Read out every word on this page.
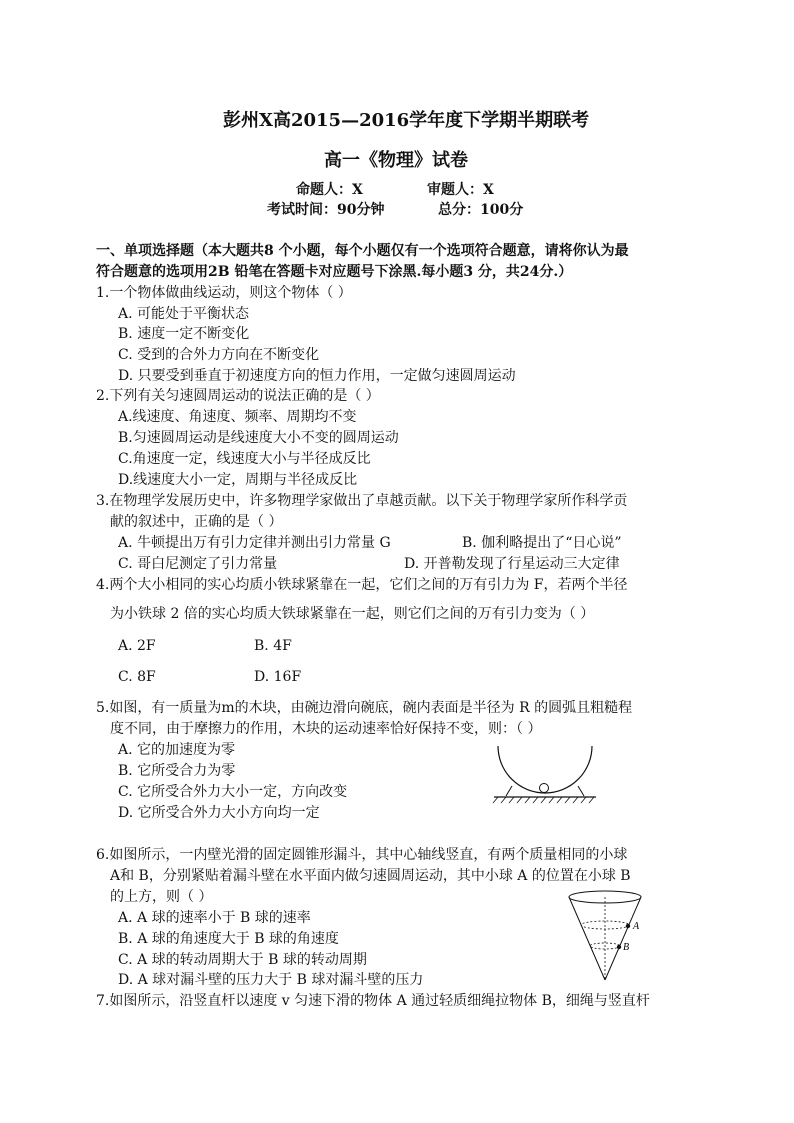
彭州X高2015—2016学年度下学期半期联考
高一《物理》试卷
命题人：X	审题人：X
考试时间：90分钟	总分：100分
一、单项选择题（本大题共8 个小题，每个小题仅有一个选项符合题意，请将你认为最
符合题意的选项用2B 铅笔在答题卡对应题号下涂黑.每小题3 分，共24分.）
1.一个物体做曲线运动，则这个物体（ ）
A. 可能处于平衡状态
B. 速度一定不断变化
C. 受到的合外力方向在不断变化
D. 只要受到垂直于初速度方向的恒力作用，一定做匀速圆周运动
2.下列有关匀速圆周运动的说法正确的是（ ）
A.线速度、角速度、频率、周期均不变
B.匀速圆周运动是线速度大小不变的圆周运动
C.角速度一定，线速度大小与半径成反比
D.线速度大小一定，周期与半径成反比
3.在物理学发展历史中，许多物理学家做出了卓越贡献。以下关于物理学家所作科学贡
献的叙述中，正确的是（ ）
A. 牛顿提出万有引力定律并测出引力常量 G	B. 伽利略提出了“日心说”
C. 哥白尼测定了引力常量	D. 开普勒发现了行星运动三大定律
4.两个大小相同的实心均质小铁球紧靠在一起，它们之间的万有引力为 F，若两个半径
为小铁球 2 倍的实心均质大铁球紧靠在一起，则它们之间的万有引力变为（ ）
A. 2F	B. 4F
C. 8F	D. 16F
5.如图，有一质量为m的木块，由碗边滑向碗底，碗内表面是半径为 R 的圆弧且粗糙程
度不同，由于摩擦力的作用，木块的运动速率恰好保持不变，则：（ ）
A. 它的加速度为零
B. 它所受合力为零
C. 它所受合外力大小一定，方向改变
D. 它所受合外力大小方向均一定
6.如图所示，一内壁光滑的固定圆锥形漏斗，其中心轴线竖直，有两个质量相同的小球
A和 B，分别紧贴着漏斗壁在水平面内做匀速圆周运动，其中小球 A 的位置在小球 B
的上方，则（ ）
A. A 球的速率小于 B 球的速率
B. A 球的角速度大于 B 球的角速度
C. A 球的转动周期大于 B 球的转动周期
D. A 球对漏斗壁的压力大于 B 球对漏斗壁的压力
A
B
7.如图所示，沿竖直杆以速度 v 匀速下滑的物体 A 通过轻质细绳拉物体 B，细绳与竖直杆
